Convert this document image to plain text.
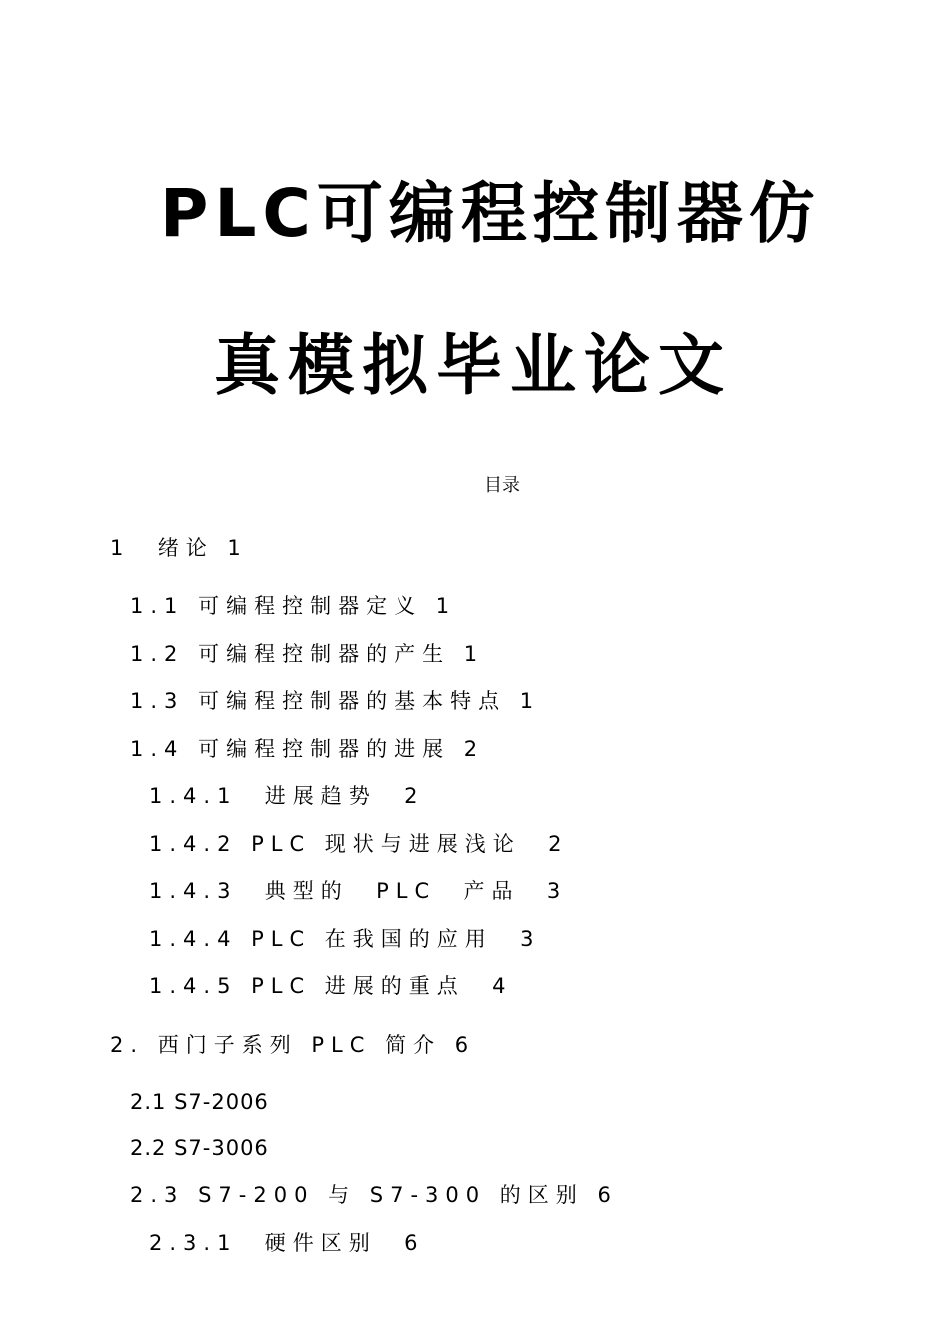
PLC可编程控制器仿
真模拟毕业论文
目录
1  绪论 1
1.1 可编程控制器定义 1
1.2 可编程控制器的产生 1
1.3 可编程控制器的基本特点 1
1.4 可编程控制器的进展 2
1.4.1  进展趋势  2
1.4.2 PLC 现状与进展浅论  2
1.4.3  典型的  PLC  产品  3
1.4.4 PLC 在我国的应用  3
1.4.5 PLC 进展的重点  4
2. 西门子系列 PLC 简介 6
2.1 S7-2006
2.2 S7-3006
2.3 S7-200 与 S7-300 的区别 6
2.3.1  硬件区别  6
